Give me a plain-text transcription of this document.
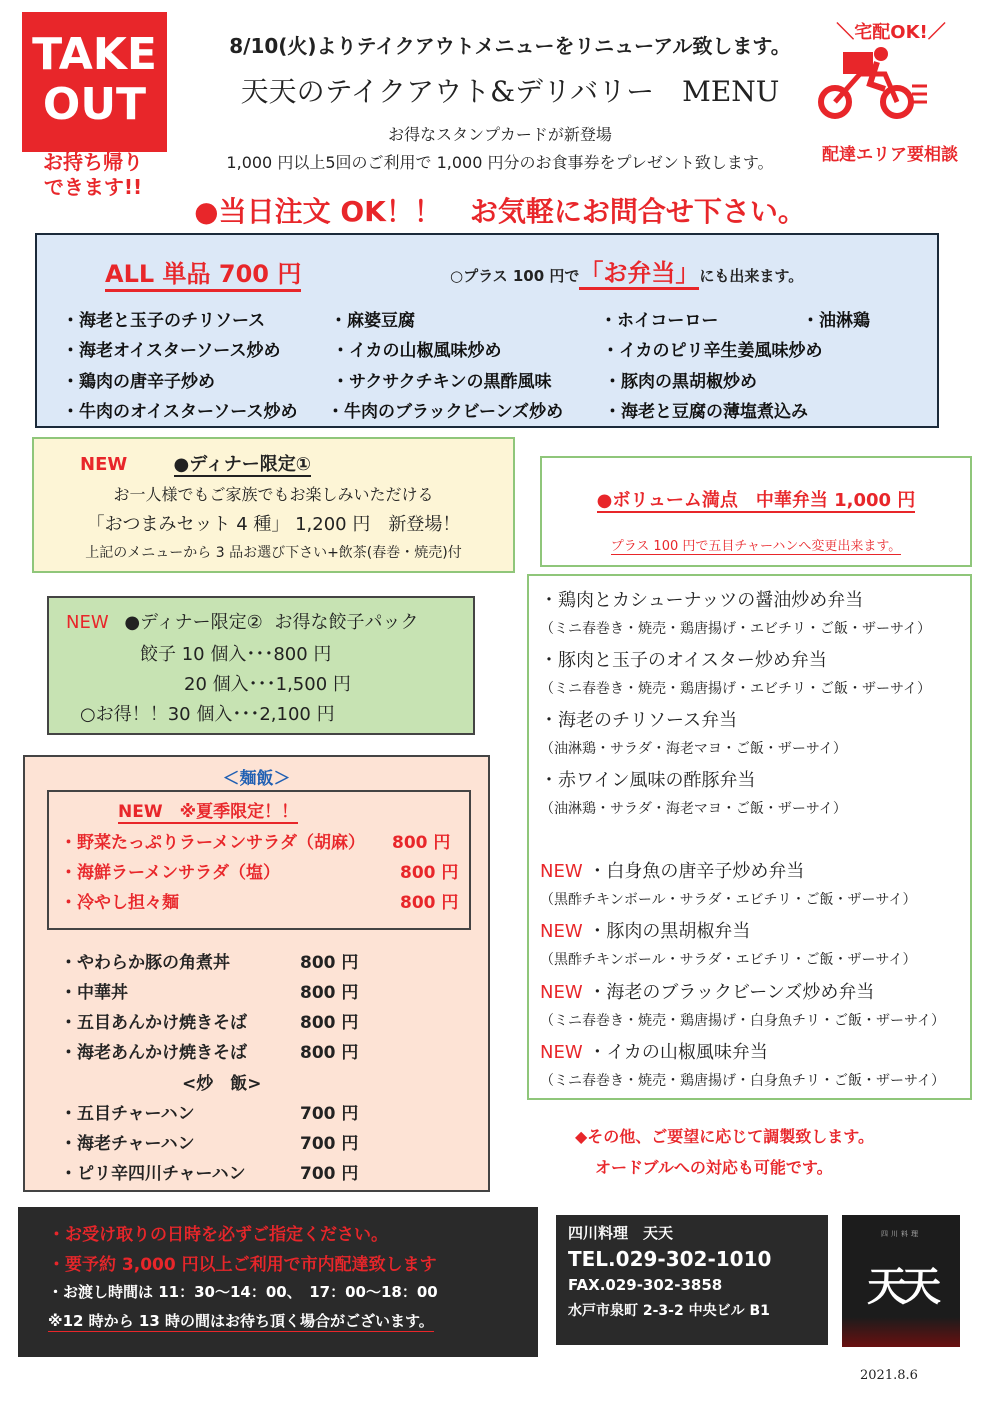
TAKE
OUT
お持ち帰り
できます!!
8/10(火)よりテイクアウトメニューをリニューアル致します。
天天のテイクアウト&デリバリー　MENU
お得なスタンプカードが新登場
1,000 円以上5回のご利用で 1,000 円分のお食事券をプレゼント致します。
●当日注文 OK！！　お気軽にお問合せ下さい。
＼宅配OK!／
配達エリア要相談
ALL 単品 700 円	○プラス 100 円で「お弁当」にも出来ます。
・海老と玉子のチリソース	・麻婆豆腐	・ホイコーロー	・油淋鶏
・海老オイスターソース炒め	・イカの山椒風味炒め	・イカのピリ辛生姜風味炒め
・鶏肉の唐辛子炒め	・サクサクチキンの黒酢風味	・豚肉の黒胡椒炒め
・牛肉のオイスターソース炒め ・牛肉のブラックビーンズ炒め ・海老と豆腐の薄塩煮込み
NEW	●ディナー限定①
お一人様でもご家族でもお楽しみいただける
「おつまみセット 4 種」 1,200 円　新登場！
上記のメニューから 3 品お選び下さい+飲茶(春巻・焼売)付
●ボリューム満点　中華弁当 1,000 円
プラス 100 円で五目チャーハンへ変更出来ます。
・鶏肉とカシューナッツの醤油炒め弁当
（ミニ春巻き・焼売・鶏唐揚げ・エビチリ・ご飯・ザーサイ）
・豚肉と玉子のオイスター炒め弁当
（ミニ春巻き・焼売・鶏唐揚げ・エビチリ・ご飯・ザーサイ）
・海老のチリソース弁当
（油淋鶏・サラダ・海老マヨ・ご飯・ザーサイ）
・赤ワイン風味の酢豚弁当
（油淋鶏・サラダ・海老マヨ・ご飯・ザーサイ）
NEW ・白身魚の唐辛子炒め弁当
（黒酢チキンボール・サラダ・エビチリ・ご飯・ザーサイ）
NEW ・豚肉の黒胡椒弁当
（黒酢チキンボール・サラダ・エビチリ・ご飯・ザーサイ）
NEW ・海老のブラックビーンズ炒め弁当
（ミニ春巻き・焼売・鶏唐揚げ・白身魚チリ・ご飯・ザーサイ）
NEW ・イカの山椒風味弁当
（ミニ春巻き・焼売・鶏唐揚げ・白身魚チリ・ご飯・ザーサイ）
NEW ●ディナー限定② お得な餃子パック
餃子 10 個入･･･800 円
20 個入･･･1,500 円
○お得！！30 個入･･･2,100 円
＜麺飯＞
NEW　※夏季限定！！
・野菜たっぷりラーメンサラダ（胡麻） 800 円
・海鮮ラーメンサラダ（塩）	800 円
・冷やし担々麺	800 円
・やわらか豚の角煮丼	800 円
・中華丼	800 円
・五目あんかけ焼きそば	800 円
・海老あんかけ焼きそば	800 円
<炒　飯>
・五目チャーハン	700 円
・海老チャーハン	700 円
・ピリ辛四川チャーハン	700 円
◆その他、ご要望に応じて調製致します。
オードブルへの対応も可能です。
・お受け取りの日時を必ずご指定ください。
・要予約 3,000 円以上ご利用で市内配達致します
・お渡し時間は 11：30〜14：00、　17：00〜18：00
※12 時から 13 時の間はお待ち頂く場合がございます。
四川料理　天天
TEL.029-302-1010
FAX.029-302-3858
水戸市泉町 2-3-2 中央ビル B1
四川料理
天天
2021.8.6
